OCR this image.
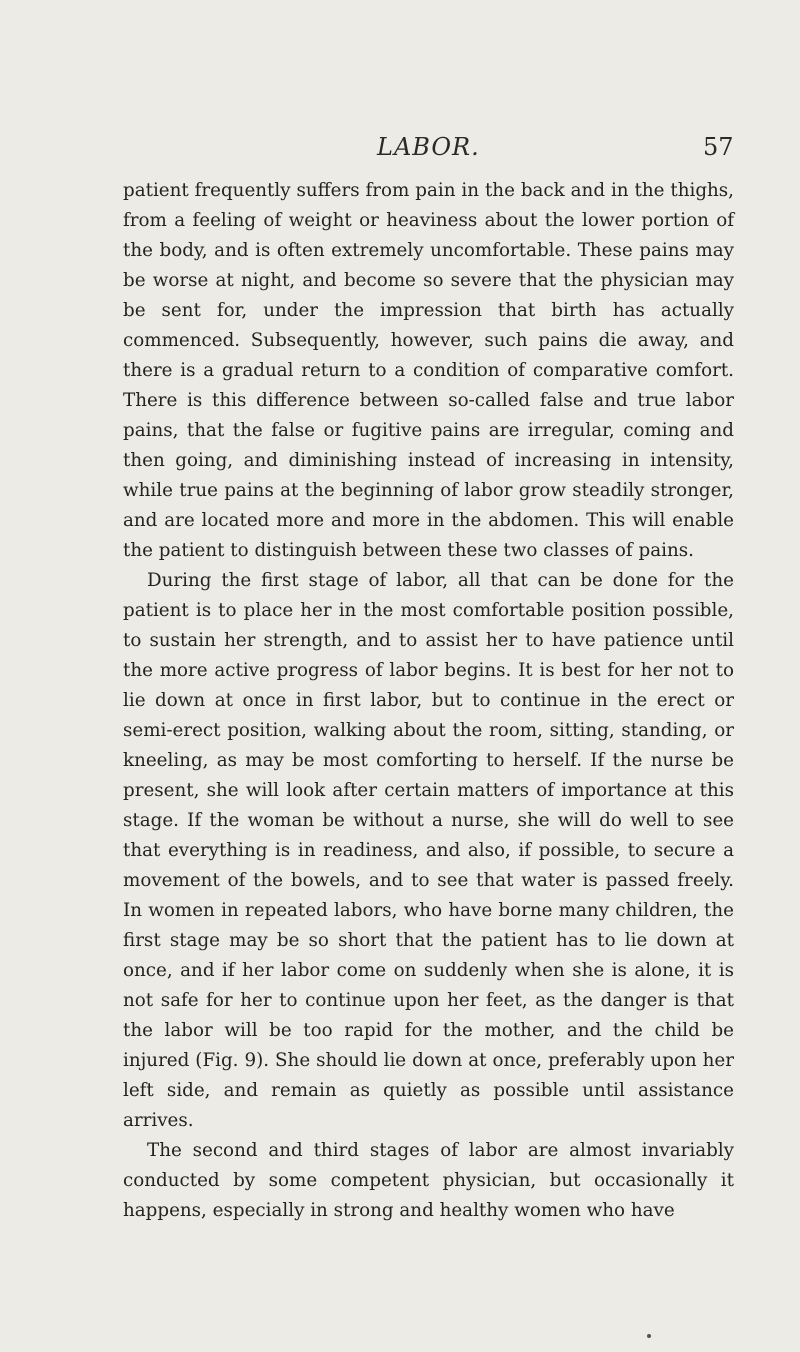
LABOR.	57

patient frequently suffers from pain in the back and in the thighs, from a feeling of weight or heaviness about the lower portion of the body, and is often extremely uncomfortable. These pains may be worse at night, and become so severe that the physician may be sent for, under the impression that birth has actually commenced. Subsequently, however, such pains die away, and there is a gradual return to a condition of comparative comfort. There is this difference between so-called false and true labor pains, that the false or fugitive pains are irregular, coming and then going, and diminishing instead of increasing in intensity, while true pains at the beginning of labor grow steadily stronger, and are located more and more in the abdomen. This will enable the patient to distinguish between these two classes of pains.

During the first stage of labor, all that can be done for the patient is to place her in the most comfortable position possible, to sustain her strength, and to assist her to have patience until the more active progress of labor begins. It is best for her not to lie down at once in first labor, but to continue in the erect or semi-erect position, walking about the room, sitting, standing, or kneeling, as may be most comforting to herself. If the nurse be present, she will look after certain matters of importance at this stage. If the woman be without a nurse, she will do well to see that everything is in readiness, and also, if possible, to secure a movement of the bowels, and to see that water is passed freely. In women in repeated labors, who have borne many children, the first stage may be so short that the patient has to lie down at once, and if her labor come on suddenly when she is alone, it is not safe for her to continue upon her feet, as the danger is that the labor will be too rapid for the mother, and the child be injured (Fig. 9). She should lie down at once, preferably upon her left side, and remain as quietly as possible until assistance arrives.

The second and third stages of labor are almost invariably conducted by some competent physician, but occasionally it happens, especially in strong and healthy women who have
